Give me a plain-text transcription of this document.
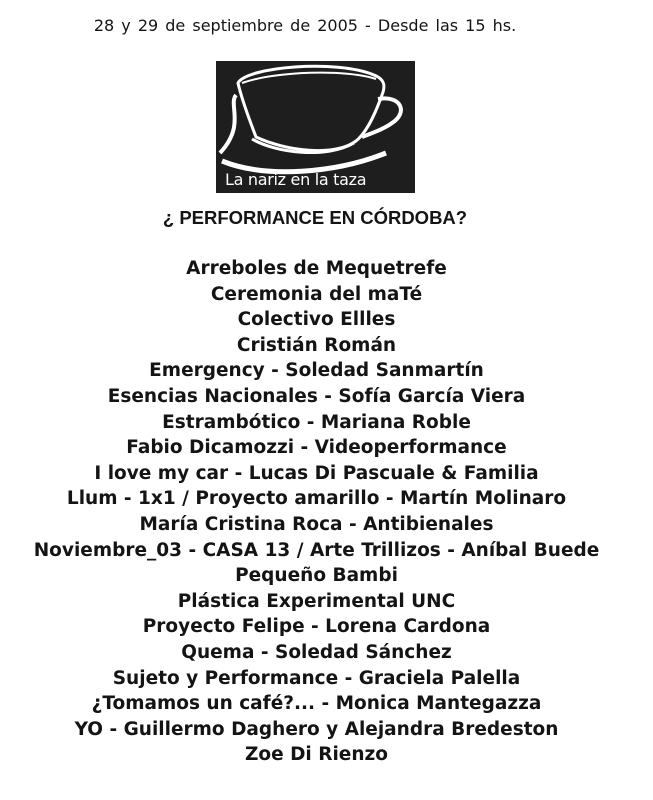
28 y 29 de septiembre de 2005 - Desde las 15 hs.
La nariz en la taza
¿ PERFORMANCE EN CÓRDOBA?
Arreboles de Mequetrefe
Ceremonia del maTé
Colectivo Ellles
Cristián Román
Emergency - Soledad Sanmartín
Esencias Nacionales - Sofía García Viera
Estrambótico - Mariana Roble
Fabio Dicamozzi - Videoperformance
I love my car - Lucas Di Pascuale & Familia
Llum - 1x1 / Proyecto amarillo - Martín Molinaro
María Cristina Roca - Antibienales
Noviembre_03 - CASA 13 / Arte Trillizos - Aníbal Buede
Pequeño Bambi
Plástica Experimental UNC
Proyecto Felipe - Lorena Cardona
Quema - Soledad Sánchez
Sujeto y Performance - Graciela Palella
¿Tomamos un café?... - Monica Mantegazza
YO - Guillermo Daghero y Alejandra Bredeston
Zoe Di Rienzo
